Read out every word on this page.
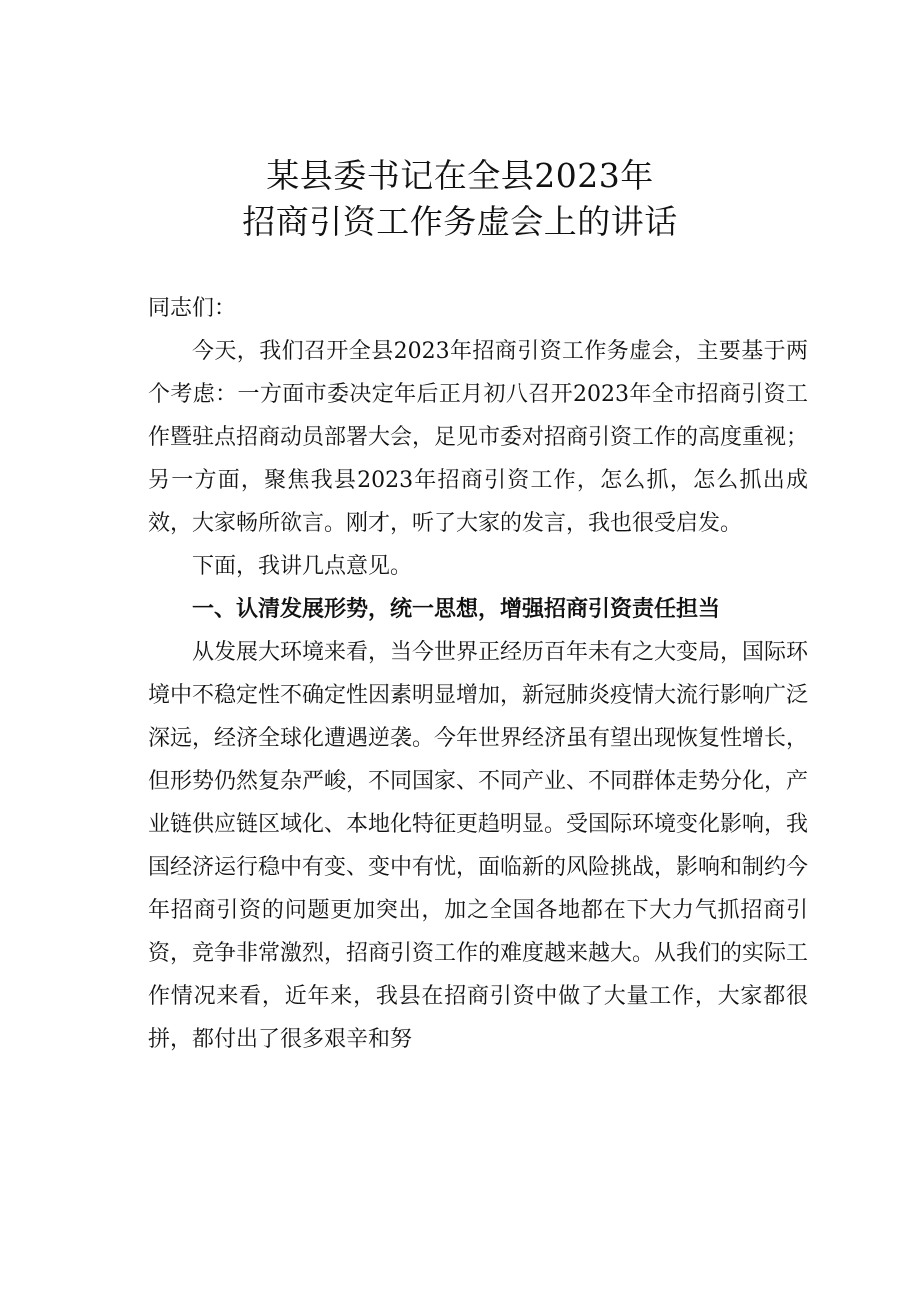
某县委书记在全县2023年
招商引资工作务虚会上的讲话

同志们：

今天，我们召开全县2023年招商引资工作务虚会，主要基于两个考虑：一方面市委决定年后正月初八召开2023年全市招商引资工作暨驻点招商动员部署大会，足见市委对招商引资工作的高度重视；另一方面，聚焦我县2023年招商引资工作，怎么抓，怎么抓出成效，大家畅所欲言。刚才，听了大家的发言，我也很受启发。

下面，我讲几点意见。

一、认清发展形势，统一思想，增强招商引资责任担当

从发展大环境来看，当今世界正经历百年未有之大变局，国际环境中不稳定性不确定性因素明显增加，新冠肺炎疫情大流行影响广泛深远，经济全球化遭遇逆袭。今年世界经济虽有望出现恢复性增长，但形势仍然复杂严峻，不同国家、不同产业、不同群体走势分化，产业链供应链区域化、本地化特征更趋明显。受国际环境变化影响，我国经济运行稳中有变、变中有忧，面临新的风险挑战，影响和制约今年招商引资的问题更加突出，加之全国各地都在下大力气抓招商引资，竞争非常激烈，招商引资工作的难度越来越大。从我们的实际工作情况来看，近年来，我县在招商引资中做了大量工作，大家都很拼，都付出了很多艰辛和努
